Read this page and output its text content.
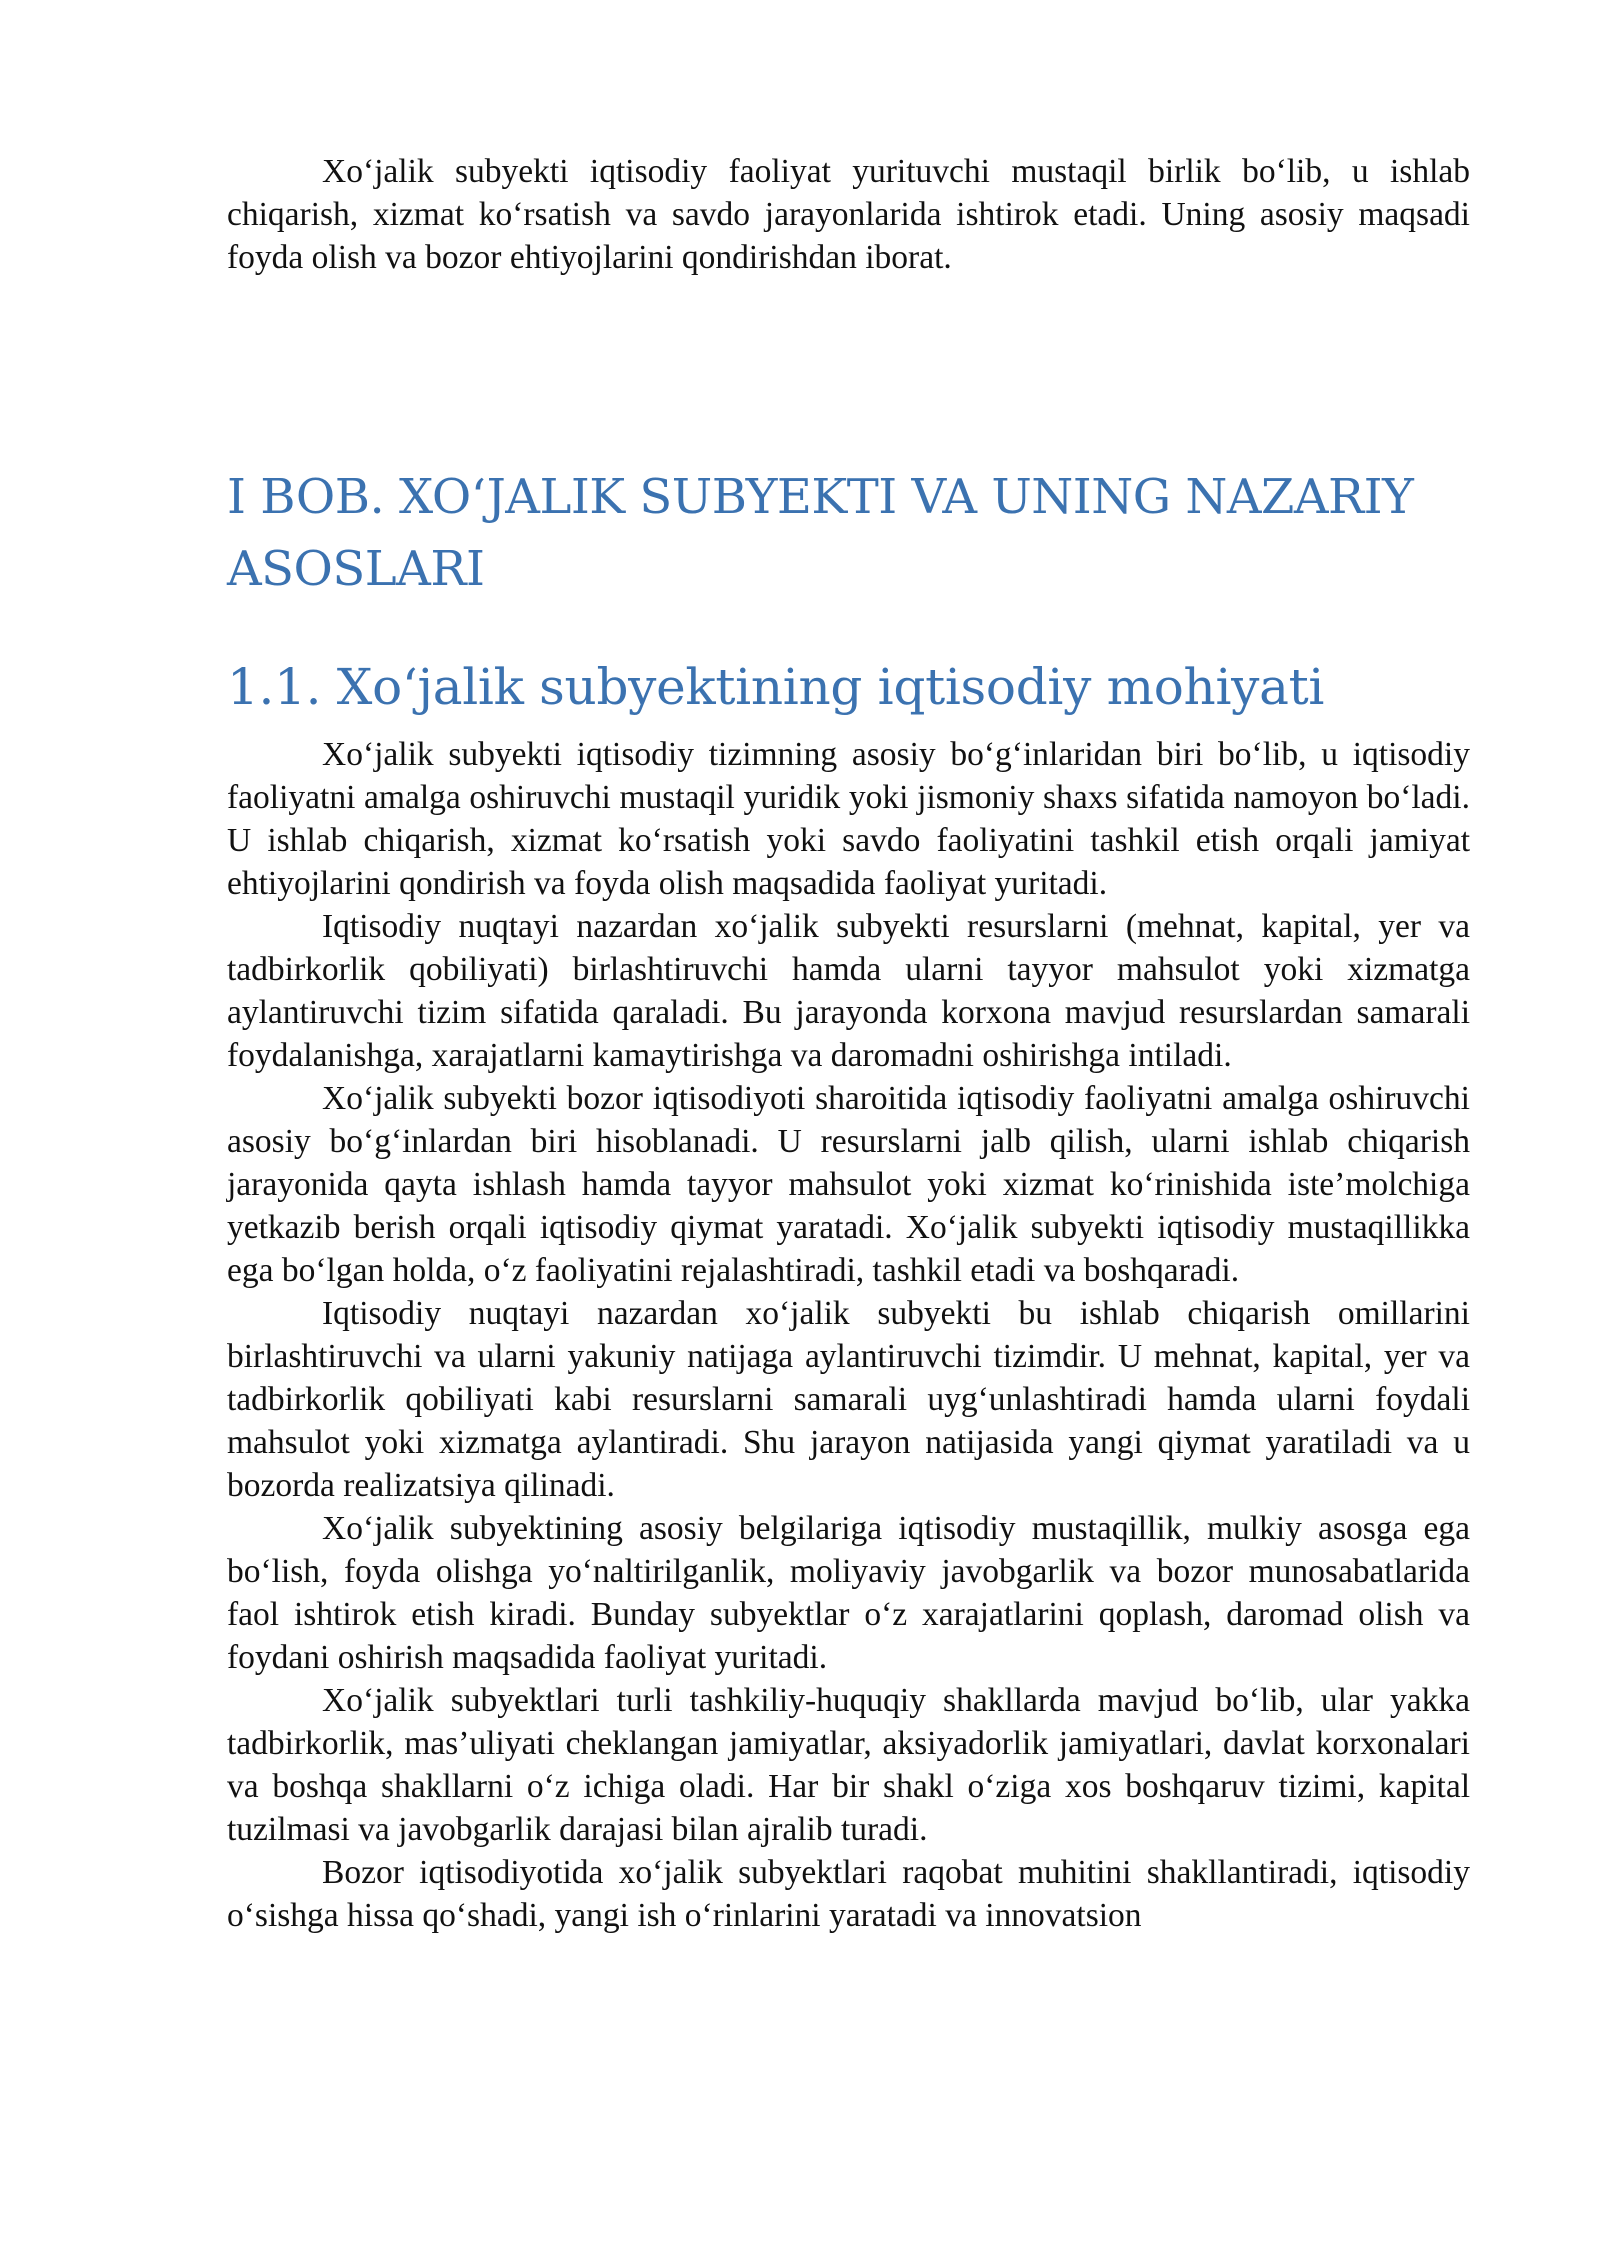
Xo‘jalik subyekti iqtisodiy faoliyat yurituvchi mustaqil birlik bo‘lib, u ishlab chiqarish, xizmat ko‘rsatish va savdo jarayonlarida ishtirok etadi. Uning asosiy maqsadi foyda olish va bozor ehtiyojlarini qondirishdan iborat.

I BOB. XO‘JALIK SUBYEKTI VA UNING NAZARIY ASOSLARI
1.1. Xo‘jalik subyektining iqtisodiy mohiyati

Xo‘jalik subyekti iqtisodiy tizimning asosiy bo‘g‘inlaridan biri bo‘lib, u iqtisodiy faoliyatni amalga oshiruvchi mustaqil yuridik yoki jismoniy shaxs sifatida namoyon bo‘ladi. U ishlab chiqarish, xizmat ko‘rsatish yoki savdo faoliyatini tashkil etish orqali jamiyat ehtiyojlarini qondirish va foyda olish maqsadida faoliyat yuritadi.

Iqtisodiy nuqtayi nazardan xo‘jalik subyekti resurslarni (mehnat, kapital, yer va tadbirkorlik qobiliyati) birlashtiruvchi hamda ularni tayyor mahsulot yoki xizmatga aylantiruvchi tizim sifatida qaraladi. Bu jarayonda korxona mavjud resurslardan samarali foydalanishga, xarajatlarni kamaytirishga va daromadni oshirishga intiladi.

Xo‘jalik subyekti bozor iqtisodiyoti sharoitida iqtisodiy faoliyatni amalga oshiruvchi asosiy bo‘g‘inlardan biri hisoblanadi. U resurslarni jalb qilish, ularni ishlab chiqarish jarayonida qayta ishlash hamda tayyor mahsulot yoki xizmat ko‘rinishida iste’molchiga yetkazib berish orqali iqtisodiy qiymat yaratadi. Xo‘jalik subyekti iqtisodiy mustaqillikka ega bo‘lgan holda, o‘z faoliyatini rejalashtiradi, tashkil etadi va boshqaradi.

Iqtisodiy nuqtayi nazardan xo‘jalik subyekti bu ishlab chiqarish omillarini birlashtiruvchi va ularni yakuniy natijaga aylantiruvchi tizimdir. U mehnat, kapital, yer va tadbirkorlik qobiliyati kabi resurslarni samarali uyg‘unlashtiradi hamda ularni foydali mahsulot yoki xizmatga aylantiradi. Shu jarayon natijasida yangi qiymat yaratiladi va u bozorda realizatsiya qilinadi.

Xo‘jalik subyektining asosiy belgilariga iqtisodiy mustaqillik, mulkiy asosga ega bo‘lish, foyda olishga yo‘naltirilganlik, moliyaviy javobgarlik va bozor munosabatlarida faol ishtirok etish kiradi. Bunday subyektlar o‘z xarajatlarini qoplash, daromad olish va foydani oshirish maqsadida faoliyat yuritadi.

Xo‘jalik subyektlari turli tashkiliy-huquqiy shakllarda mavjud bo‘lib, ular yakka tadbirkorlik, mas’uliyati cheklangan jamiyatlar, aksiyadorlik jamiyatlari, davlat korxonalari va boshqa shakllarni o‘z ichiga oladi. Har bir shakl o‘ziga xos boshqaruv tizimi, kapital tuzilmasi va javobgarlik darajasi bilan ajralib turadi.

Bozor iqtisodiyotida xo‘jalik subyektlari raqobat muhitini shakllantiradi, iqtisodiy o‘sishga hissa qo‘shadi, yangi ish o‘rinlarini yaratadi va innovatsion
